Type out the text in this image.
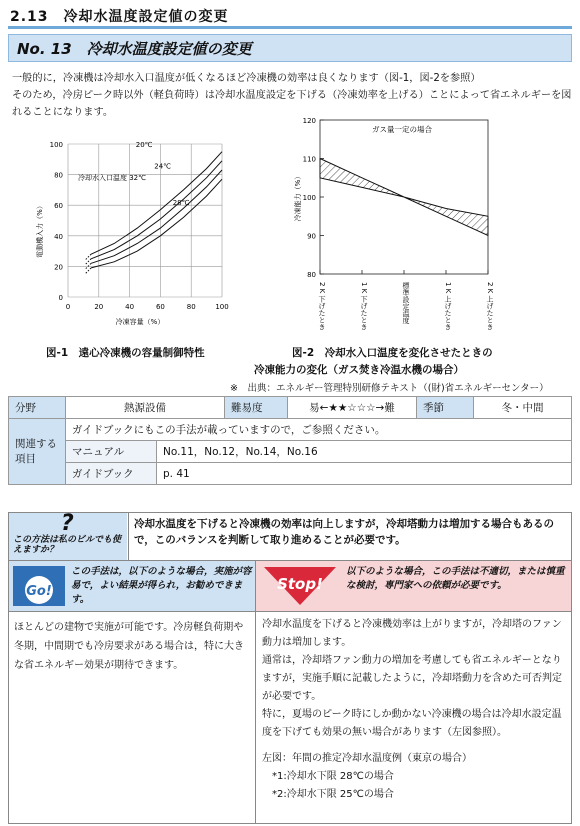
2.13　冷却水温度設定値の変更
No. 13　冷却水温度設定値の変更
一般的に，冷凍機は冷却水入口温度が低くなるほど冷凍機の効率は良くなります（図-1，図-2を参照）
そのため，冷房ピーク時以外（軽負荷時）は冷却水温度設定を下げる（冷凍効率を上げる）ことによって省エネルギーを図
れることになります。
0
20
40
60
80
100
0	20	40	60	80	100
28℃
24℃
20℃
冷却水入口温度 32℃
冷凍容量（%）
電動機入力（%）
図-1　遠心冷凍機の容量制御特性
80
90
100
110
120
2 K 下げたとき	1 K 下げたとき	標準設定温度	1 K 上げたとき	2 K 上げたとき
ガス量一定の場合
冷凍能力（%）
図-2　冷却水入口温度を変化させたときの
冷凍能力の変化（ガス焚き冷温水機の場合）
※　出典：エネルギー管理特別研修テキスト（(財)省エネルギーセンター）
分野	熱源設備	難易度	易←★★☆☆☆→難	季節	冬・中間
関連する項目	ガイドブックにもこの手法が載っていますので，ご参照ください。	
	マニュアル	No.11，No.12，No.14，No.16
	ガイドブック	p. 41
?
この方法は私のビルでも使えますか？
冷却水温度を下げると冷凍機の効率は向上しますが，冷却塔動力は増加する場合もあるので，このバランスを判断して取り進めることが必要です。
Go!
この手法は，以下のような場合，実施が容易で，よい結果が得られ，お勧めできます。
Stop!
以下のような場合，この手法は不適切，または慎重な検討，専門家への依頼が必要です。
ほとんどの建物で実施が可能です。冷房軽負荷期や冬期，中間期でも冷房要求がある場合は，特に大きな省エネルギー効果が期待できます。
冷却水温度を下げると冷凍機効率は上がりますが，冷却塔のファン動力は増加します。
通常は，冷却塔ファン動力の増加を考慮しても省エネルギーとなりますが，実施手順に記載したように，冷却塔動力を含めた可否判定が必要です。
特に，夏場のピーク時にしか動かない冷凍機の場合は冷却水設定温度を下げても効果の無い場合があります（左図参照）。
左図：年間の推定冷却水温度例（東京の場合）
*1:冷却水下限 28℃の場合
*2:冷却水下限 25℃の場合
